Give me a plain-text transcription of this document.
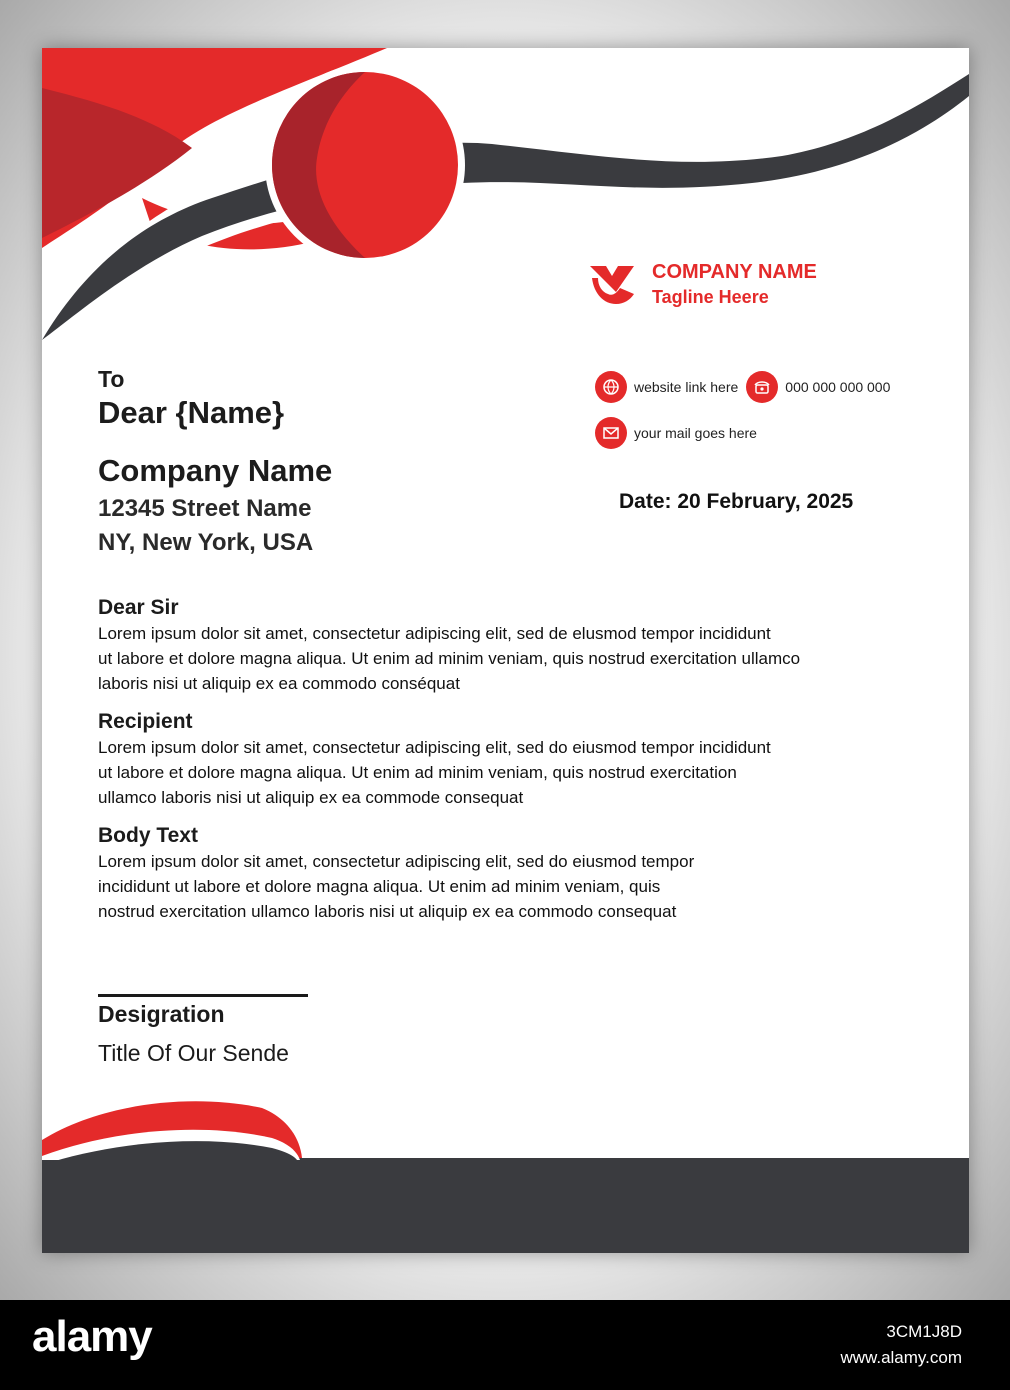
COMPANY NAME
Tagline Heere
website link here	000 000 000 000
your mail goes here
Date: 20 February, 2025
To
Dear {Name}
Company Name
12345 Street Name
NY, New York, USA
Dear Sir

Lorem ipsum dolor sit amet, consectetur adipiscing elit, sed de elusmod tempor incididunt
ut labore et dolore magna aliqua. Ut enim ad minim veniam, quis nostrud exercitation ullamco
laboris nisi ut aliquip ex ea commodo conséquat

Recipient

Lorem ipsum dolor sit amet, consectetur adipiscing elit, sed do eiusmod tempor incididunt
ut labore et dolore magna aliqua. Ut enim ad minim veniam, quis nostrud exercitation
ullamco laboris nisi ut aliquip ex ea commode consequat

Body Text

Lorem ipsum dolor sit amet, consectetur adipiscing elit, sed do eiusmod tempor
incididunt ut labore et dolore magna aliqua. Ut enim ad minim veniam, quis
nostrud exercitation ullamco laboris nisi ut aliquip ex ea commodo consequat

Desigration
Title Of Our Sende
alamy	3CM1J8D
www.alamy.com
